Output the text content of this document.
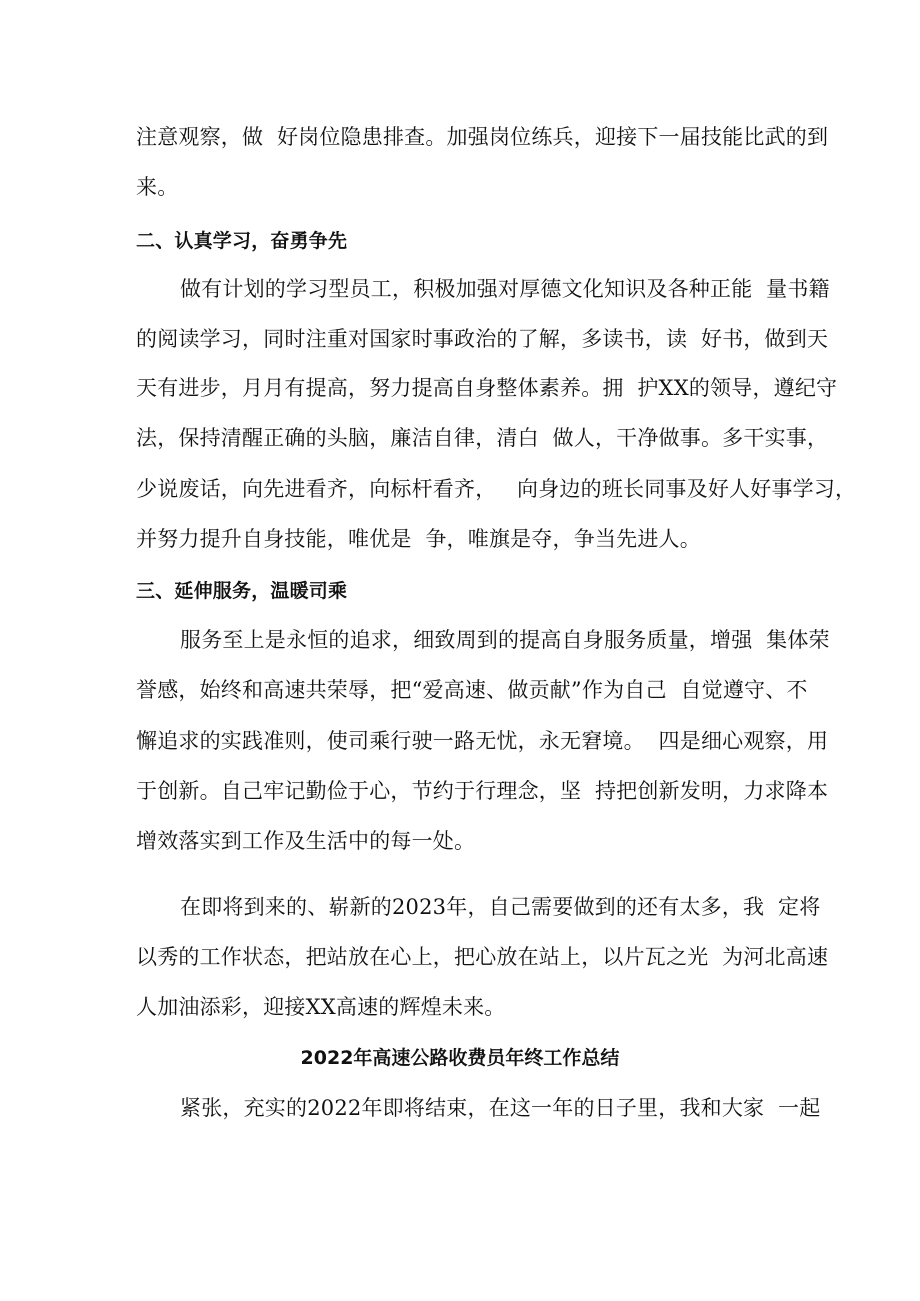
注意观察，做  好岗位隐患排查。加强岗位练兵，迎接下一届技能比武的到
来。
二、认真学习，奋勇争先
做有计划的学习型员工，积极加强对厚德文化知识及各种正能  量书籍
的阅读学习，同时注重对国家时事政治的了解，多读书，读  好书，做到天
天有进步，月月有提高，努力提高自身整体素养。拥  护XX的领导，遵纪守
法，保持清醒正确的头脑，廉洁自律，清白  做人，干净做事。多干实事，
少说废话，向先进看齐，向标杆看齐，   向身边的班长同事及好人好事学习，
并努力提升自身技能，唯优是  争，唯旗是夺，争当先进人。
三、延伸服务，温暖司乘
服务至上是永恒的追求，细致周到的提高自身服务质量，增强  集体荣
誉感，始终和高速共荣辱，把“爱高速、做贡献”作为自己  自觉遵守、不
懈追求的实践准则，使司乘行驶一路无忧，永无窘境。  四是细心观察，用
于创新。自己牢记勤俭于心，节约于行理念，坚  持把创新发明，力求降本
增效落实到工作及生活中的每一处。
在即将到来的、崭新的2023年，自己需要做到的还有太多，我  定将
以秀的工作状态，把站放在心上，把心放在站上，以片瓦之光  为河北高速
人加油添彩，迎接XX高速的辉煌未来。
2022年高速公路收费员年终工作总结
紧张，充实的2022年即将结束，在这一年的日子里，我和大家  一起
